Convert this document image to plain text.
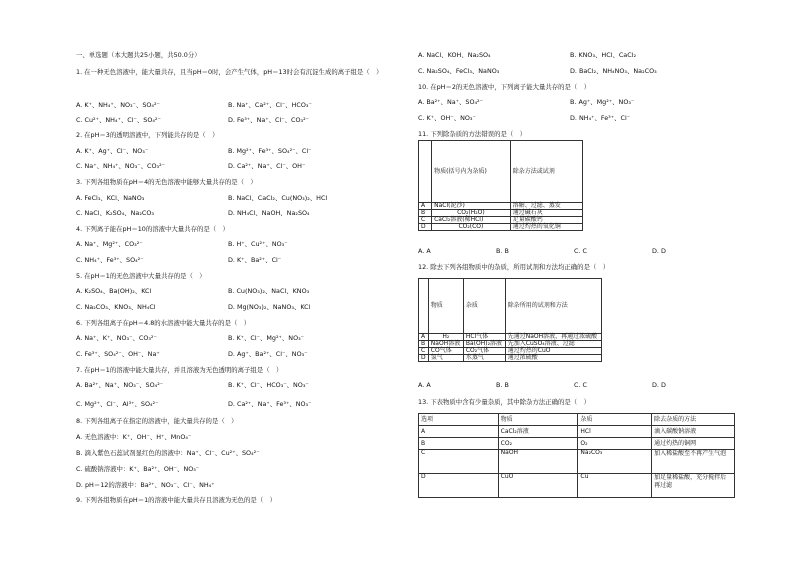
一、单选题（本大题共25小题，共50.0分）
1. 在一种无色溶液中，能大量共存，且当pH＝0时，会产生气体，pH＝13时会有沉淀生成的离子组是（　）
A. K⁺、NH₄⁺、NO₃⁻、SO₄²⁻	B. Na⁺、Ca²⁺、Cl⁻、HCO₃⁻
C. Cu²⁺、NH₄⁺、Cl⁻、SO₄²⁻	D. Fe³⁺、Na⁺、Cl⁻、CO₃²⁻
2. 在pH＝3的透明溶液中，下列能共存的是（　）
A. K⁺、Ag⁺、Cl⁻、NO₃⁻	B. Mg²⁺、Fe³⁺、SO₄²⁻、Cl⁻
C. Na⁺、NH₄⁺、NO₃⁻、CO₃²⁻	D. Ca²⁺、Na⁺、Cl⁻、OH⁻
3. 下列各组物质在pH＝4的无色溶液中能够大量共存的是（　）
A. FeCl₃、KCl、NaNO₃	B. NaCl、CaCl₂、Cu(NO₃)₂、HCl
C. NaCl、K₂SO₄、Na₂CO₃	D. NH₄Cl、NaOH、Na₂SO₄
4. 下列离子能在pH＝10的溶液中大量共存的是（　）
A. Na⁺、Mg²⁺、CO₃²⁻	B. H⁺、Cu²⁺、NO₃⁻
C. NH₄⁺、Fe³⁺、SO₄²⁻	D. K⁺、Ba²⁺、Cl⁻
5. 在pH＝1的无色溶液中大量共存的是（　）
A. K₂SO₄、Ba(OH)₂、KCl	B. Cu(NO₃)₂、NaCl、KNO₃
C. Na₂CO₃、KNO₃、NH₄Cl	D. Mg(NO₃)₂、NaNO₃、KCl
6. 下列各组离子在pH＝4.8的水溶液中能大量共存的是（　）
A. Na⁺、K⁺、NO₃⁻、CO₃²⁻	B. K⁺、Cl⁻、Mg²⁺、NO₃⁻
C. Fe³⁺、SO₄²⁻、OH⁻、Na⁺	D. Ag⁺、Ba²⁺、Cl⁻、NO₃⁻
7. 在pH＝1的溶液中能大量共存，并且溶液为无色透明的离子组是（　）
A. Ba²⁺、Na⁺、NO₃⁻、SO₄²⁻	B. K⁺、Cl⁻、HCO₃⁻、NO₃⁻
C. Mg²⁺、Cl⁻、Al³⁺、SO₄²⁻	D. Ca²⁺、Na⁺、Fe³⁺、NO₃⁻
8. 下列各组离子在指定的溶液中，能大量共存的是（　）
A. 无色溶液中：K⁺、OH⁻、H⁺、MnO₄⁻
B. 滴入紫色石蕊试剂显红色的溶液中：Na⁺、Cl⁻、Cu²⁺、SO₄²⁻
C. 硫酸钠溶液中：K⁺、Ba²⁺、OH⁻、NO₃⁻
D. pH＝12的溶液中：Ba²⁺、NO₃⁻、Cl⁻、NH₄⁺
9. 下列各组物质在pH＝1的溶液中能大量共存且溶液为无色的是（　）
A. NaCl、KOH、Na₂SO₄	B. KNO₃、HCl、CaCl₂
C. Na₂SO₄、FeCl₃、NaNO₃	D. BaCl₂、NH₄NO₃、Na₂CO₃
10. 在pH＝2的无色溶液中，下列离子能大量共存的是（　）
A. Ba²⁺、Na⁺、SO₄²⁻	B. Ag⁺、Mg²⁺、NO₃⁻
C. K⁺、OH⁻、NO₃⁻	D. NH₄⁺、Fe³⁺、Cl⁻
11. 下列除杂质的方法错误的是（　）
	物质(括号内为杂质)	除杂方法或试剂
A	NaCl(泥沙)	溶解、过滤、蒸发
B	CO₂(H₂O)	通过碱石灰
C	CaCl₂溶液(稀HCl)	足量碳酸钙
D	CO₂(CO)	通过灼热的氧化铜
A. A	B. B	C. C	D. D
12. 除去下列各组物质中的杂质，所用试剂和方法均正确的是（　）
	物质	杂质	除杂所用的试剂和方法
A	H₂	HCl气体	先通过NaOH溶液，再通过浓硫酸
B	NaOH溶液	Ba(OH)₂溶液	先加入CuSO₄溶液、过滤
C	CO气体	CO₂气体	通过灼热的CuO
D	氢气	水蒸气	通过浓硫酸
A. A	B. B	C. C	D. D
13. 下表物质中含有少量杂质，其中除杂方法正确的是（　）
选项	物质	杂质	除去杂质的方法
A	CaCl₂溶液	HCl	滴入碳酸钠溶液
B	CO₂	O₂	通过灼热的铜网
C	NaOH	Na₂CO₃	加入稀盐酸至不再产生气泡
D	CuO	Cu	加足量稀盐酸，充分搅拌后再过滤
